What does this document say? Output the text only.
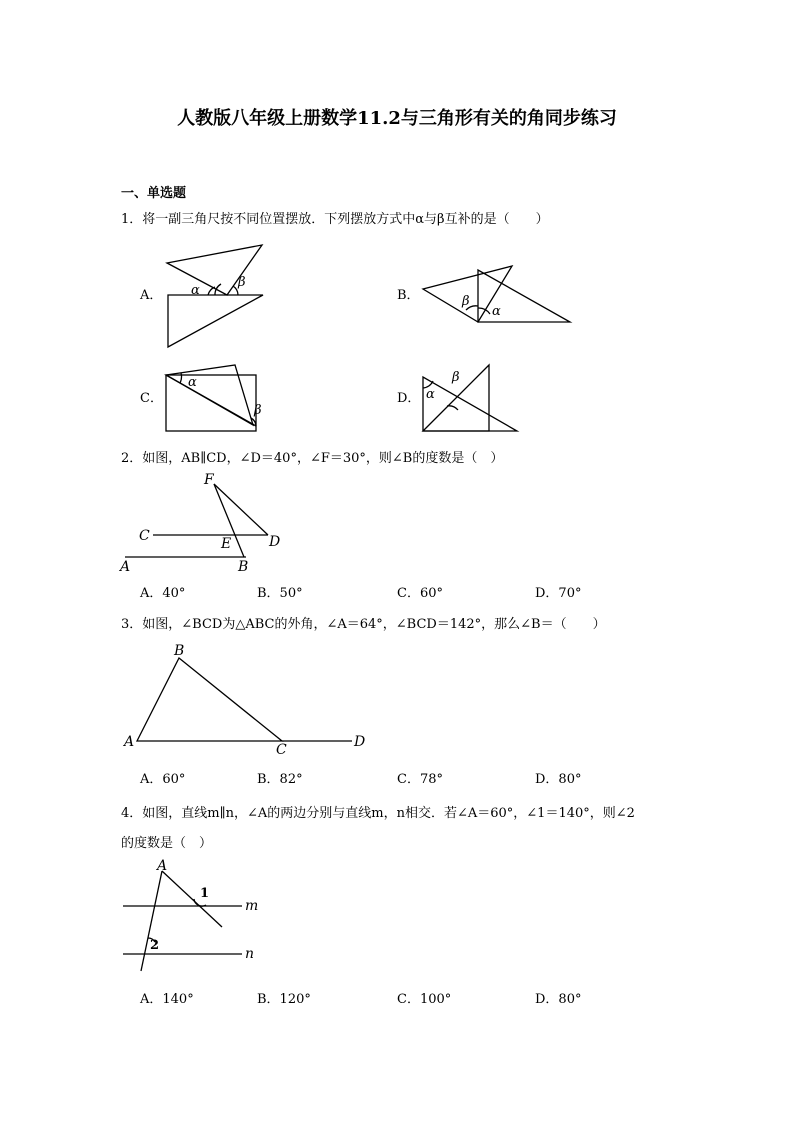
人教版八年级上册数学11.2与三角形有关的角同步练习
一、单选题
1．将一副三角尺按不同位置摆放．下列摆放方式中α与β互补的是（　　）
A． α
β
B．	β
α
C．
α
β
D． α
β
F
C	E	D
A	B
B
A	C	D
A
1
2
m
n
2．如图，AB∥CD，∠D＝40°，∠F＝30°，则∠B的度数是（　）
A．40°	B．50°	C．60°	D．70°
3．如图，∠BCD为△ABC的外角，∠A＝64°，∠BCD＝142°，那么∠B＝（　　）
A．60°	B．82°	C．78°	D．80°
4．如图，直线m∥n，∠A的两边分别与直线m，n相交．若∠A＝60°，∠1＝140°，则∠2
的度数是（　）
A．140°	B．120°	C．100°	D．80°
